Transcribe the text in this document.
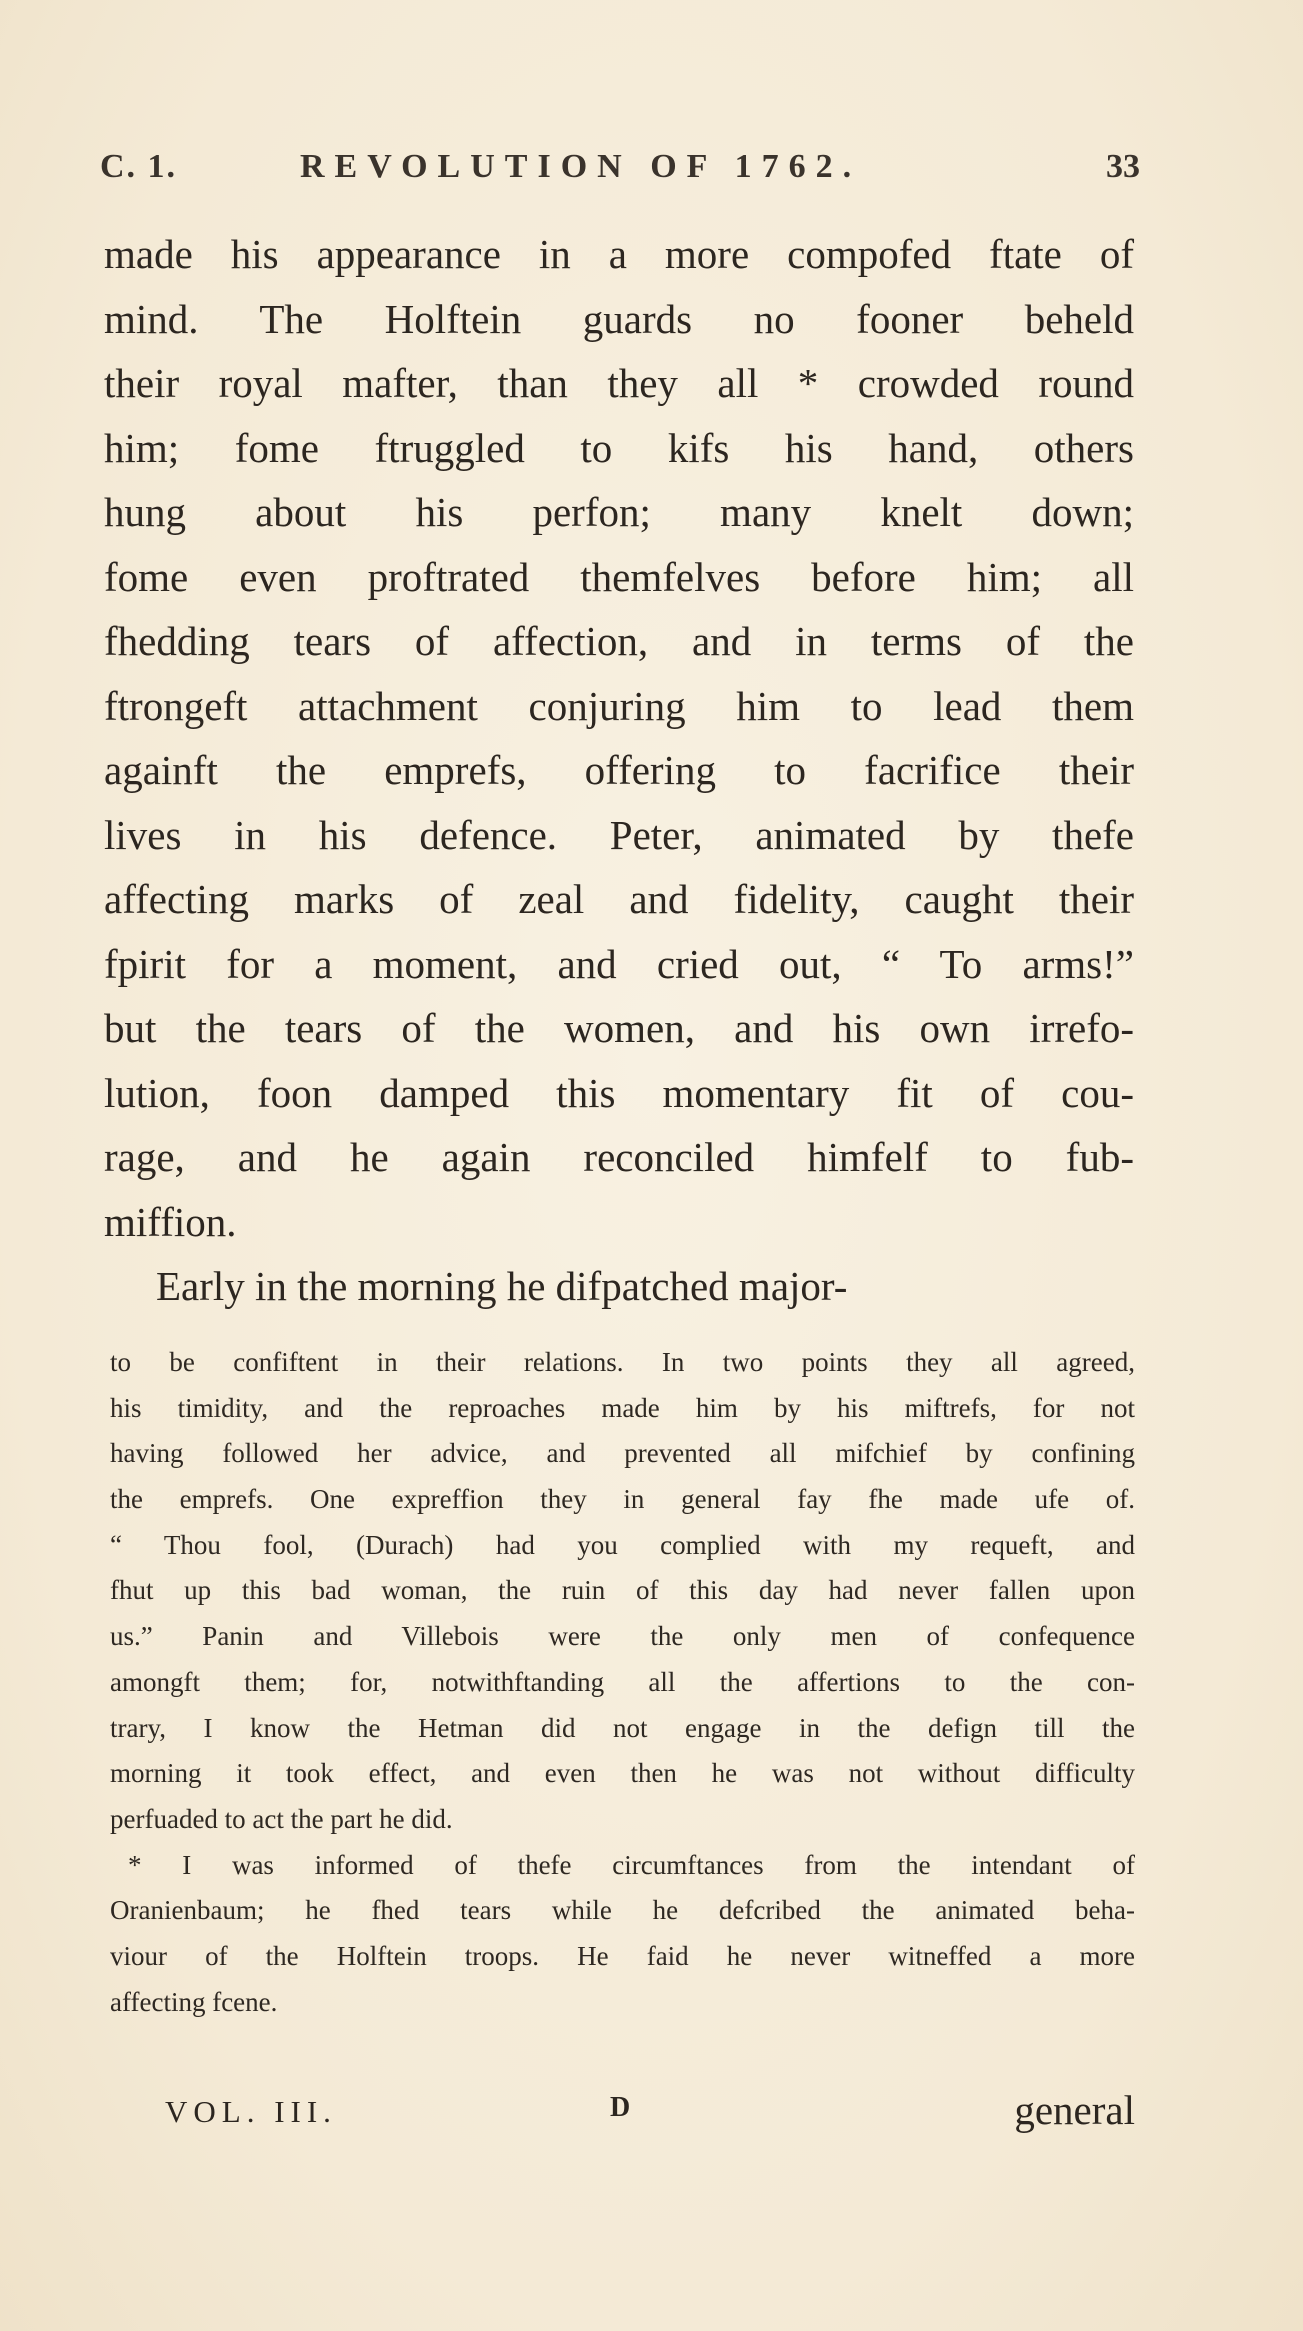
C. 1.	REVOLUTION OF 1762.	33
made his appearance in a more compofed ftate of
mind. The Holftein guards no fooner beheld
their royal mafter, than they all * crowded round
him; fome ftruggled to kifs his hand, others
hung about his perfon; many knelt down;
fome even proftrated themfelves before him; all
fhedding tears of affection, and in terms of the
ftrongeft attachment conjuring him to lead them
againft the emprefs, offering to facrifice their
lives in his defence. Peter, animated by thefe
affecting marks of zeal and fidelity, caught their
fpirit for a moment, and cried out, “ To arms!”
but the tears of the women, and his own irrefo-
lution, foon damped this momentary fit of cou-
rage, and he again reconciled himfelf to fub-
miffion.
Early in the morning he difpatched major-
to be confiftent in their relations. In two points they all agreed,
his timidity, and the reproaches made him by his miftrefs, for not
having followed her advice, and prevented all mifchief by confining
the emprefs. One expreffion they in general fay fhe made ufe of.
“ Thou fool, (Durach) had you complied with my requeft, and
fhut up this bad woman, the ruin of this day had never fallen upon
us.” Panin and Villebois were the only men of confequence
amongft them; for, notwithftanding all the affertions to the con-
trary, I know the Hetman did not engage in the defign till the
morning it took effect, and even then he was not without difficulty
perfuaded to act the part he did.
* I was informed of thefe circumftances from the intendant of
Oranienbaum; he fhed tears while he defcribed the animated beha-
viour of the Holftein troops. He faid he never witneffed a more
affecting fcene.
VOL. III.	D	general
